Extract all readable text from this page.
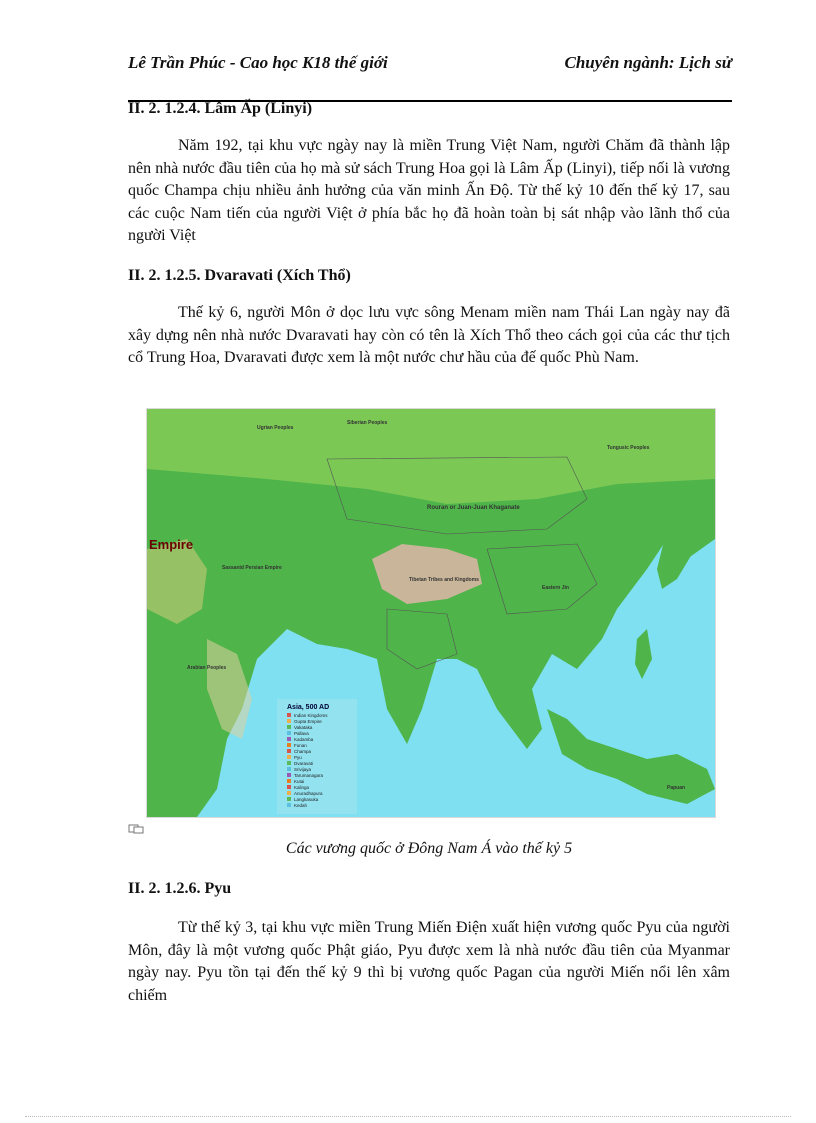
Lê Trần Phúc - Cao học K18 thế giới	Chuyên ngành: Lịch sử
II. 2. 1.2.4. Lâm Ấp (Linyi)

Năm 192, tại khu vực ngày nay là miền Trung Việt Nam, người Chăm đã thành lập nên nhà nước đầu tiên của họ mà sử sách Trung Hoa gọi là Lâm Ấp (Linyi), tiếp nối là vương quốc Champa chịu nhiều ảnh hưởng của văn minh Ấn Độ. Từ thế kỷ 10 đến thế kỷ 17, sau các cuộc Nam tiến của người Việt ở phía bắc họ đã hoàn toàn bị sát nhập vào lãnh thổ của người Việt

II. 2. 1.2.5. Dvaravati (Xích Thổ)

Thế kỷ 6, người Môn ở dọc lưu vực sông Menam miền nam Thái Lan ngày nay đã xây dựng nên nhà nước Dvaravati hay còn có tên là Xích Thổ theo cách gọi của các thư tịch cổ Trung Hoa, Dvaravati được xem là một nước chư hầu của đế quốc Phù Nam.

Empire
Tibetan Tribes and Kingdoms
Rouran or Juan-Juan Khaganate
Asia, 500 AD
Ugrian Peoples
Siberian Peoples
Tungusic Peoples
Sassanid Persian Empire
Eastern Jin
Arabian Peoples
Papuan
Indian Kingdoms
Gupta Empire
Vakataka
Pallava
Kadamba
Funan
Champa
Pyu
Dvaravati
Srivijaya
Tarumanagara
Kutai
Kalinga
Anuradhapura
Langkasuka
Kedah
Các vương quốc ở Đông Nam Á vào thế kỷ 5
II. 2. 1.2.6. Pyu

Từ thế kỷ 3, tại khu vực miền Trung Miến Điện xuất hiện vương quốc Pyu của người Môn, đây là một vương quốc Phật giáo, Pyu được xem là nhà nước đầu tiên của Myanmar ngày nay. Pyu tồn tại đến thế kỷ 9 thì bị vương quốc Pagan của người Miến nổi lên xâm chiếm
